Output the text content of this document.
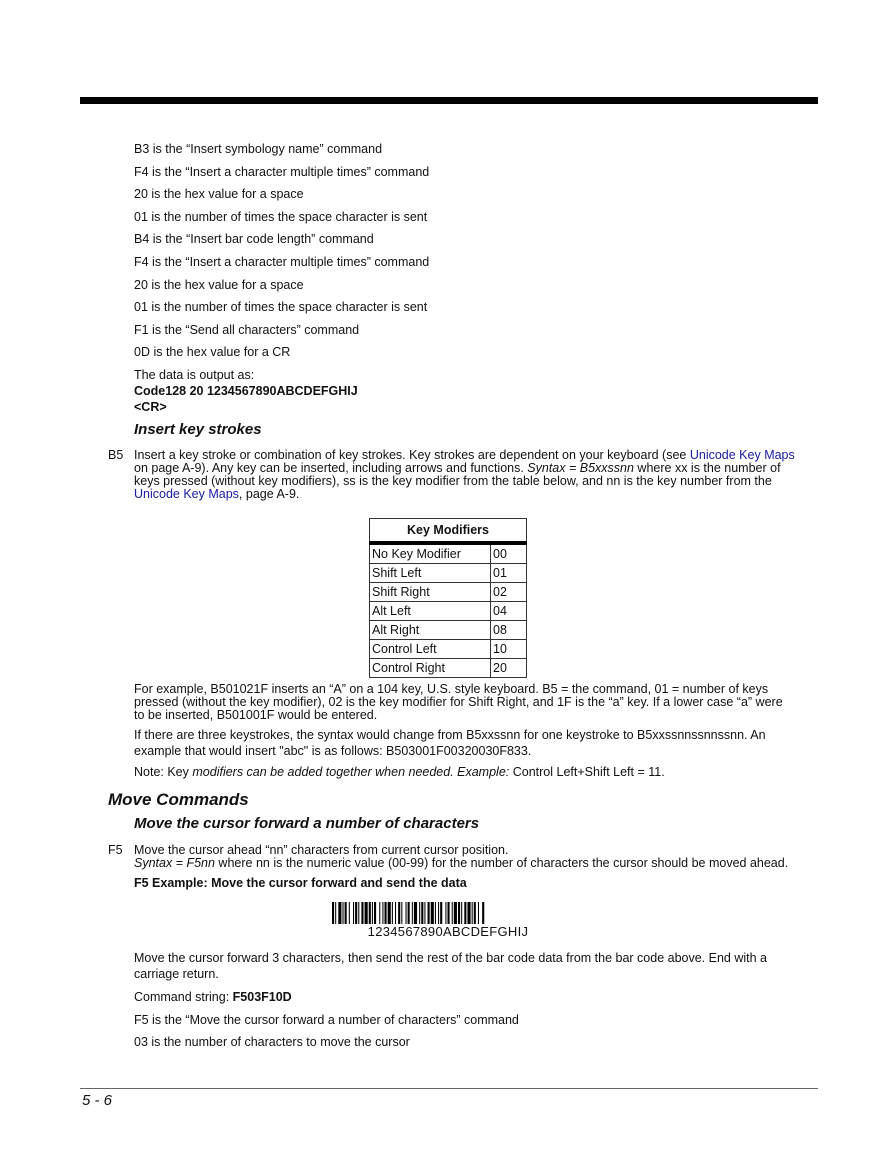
B3 is the “Insert symbology name” command

F4 is the “Insert a character multiple times” command

20 is the hex value for a space

01 is the number of times the space character is sent

B4 is the “Insert bar code length” command

F4 is the “Insert a character multiple times” command

20 is the hex value for a space

01 is the number of times the space character is sent

F1 is the “Send all characters” command

0D is the hex value for a CR

The data is output as:

Code128 20 1234567890ABCDEFGHIJ

<CR>

Insert key strokes

B5 Insert a key stroke or combination of key strokes. Key strokes are dependent on your keyboard (see Unicode Key Maps

on page A-9). Any key can be inserted, including arrows and functions. Syntax = B5xxssnn where xx is the number of

keys pressed (without key modifiers), ss is the key modifier from the table below, and nn is the key number from the

Unicode Key Maps, page A-9.

Key Modifiers	
No Key Modifier	00
Shift Left	01
Shift Right	02
Alt Left	04
Alt Right	08
Control Left	10
Control Right	20

For example, B501021F inserts an “A” on a 104 key, U.S. style keyboard. B5 = the command, 01 = number of keys

pressed (without the key modifier), 02 is the key modifier for Shift Right, and 1F is the “a” key. If a lower case “a” were

to be inserted, B501001F would be entered.

If there are three keystrokes, the syntax would change from B5xxssnn for one keystroke to B5xxssnnssnnssnn. An

example that would insert "abc" is as follows: B503001F00320030F833.

Note: Key modifiers can be added together when needed. Example: Control Left+Shift Left = 11.

Move Commands
Move the cursor forward a number of characters

F5 Move the cursor ahead “nn” characters from current cursor position.

Syntax = F5nn where nn is the numeric value (00-99) for the number of characters the cursor should be moved ahead.

F5 Example: Move the cursor forward and send the data

1234567890ABCDEFGHIJ

Move the cursor forward 3 characters, then send the rest of the bar code data from the bar code above. End with a

carriage return.

Command string: F503F10D

F5 is the “Move the cursor forward a number of characters” command

03 is the number of characters to move the cursor

5 - 6
